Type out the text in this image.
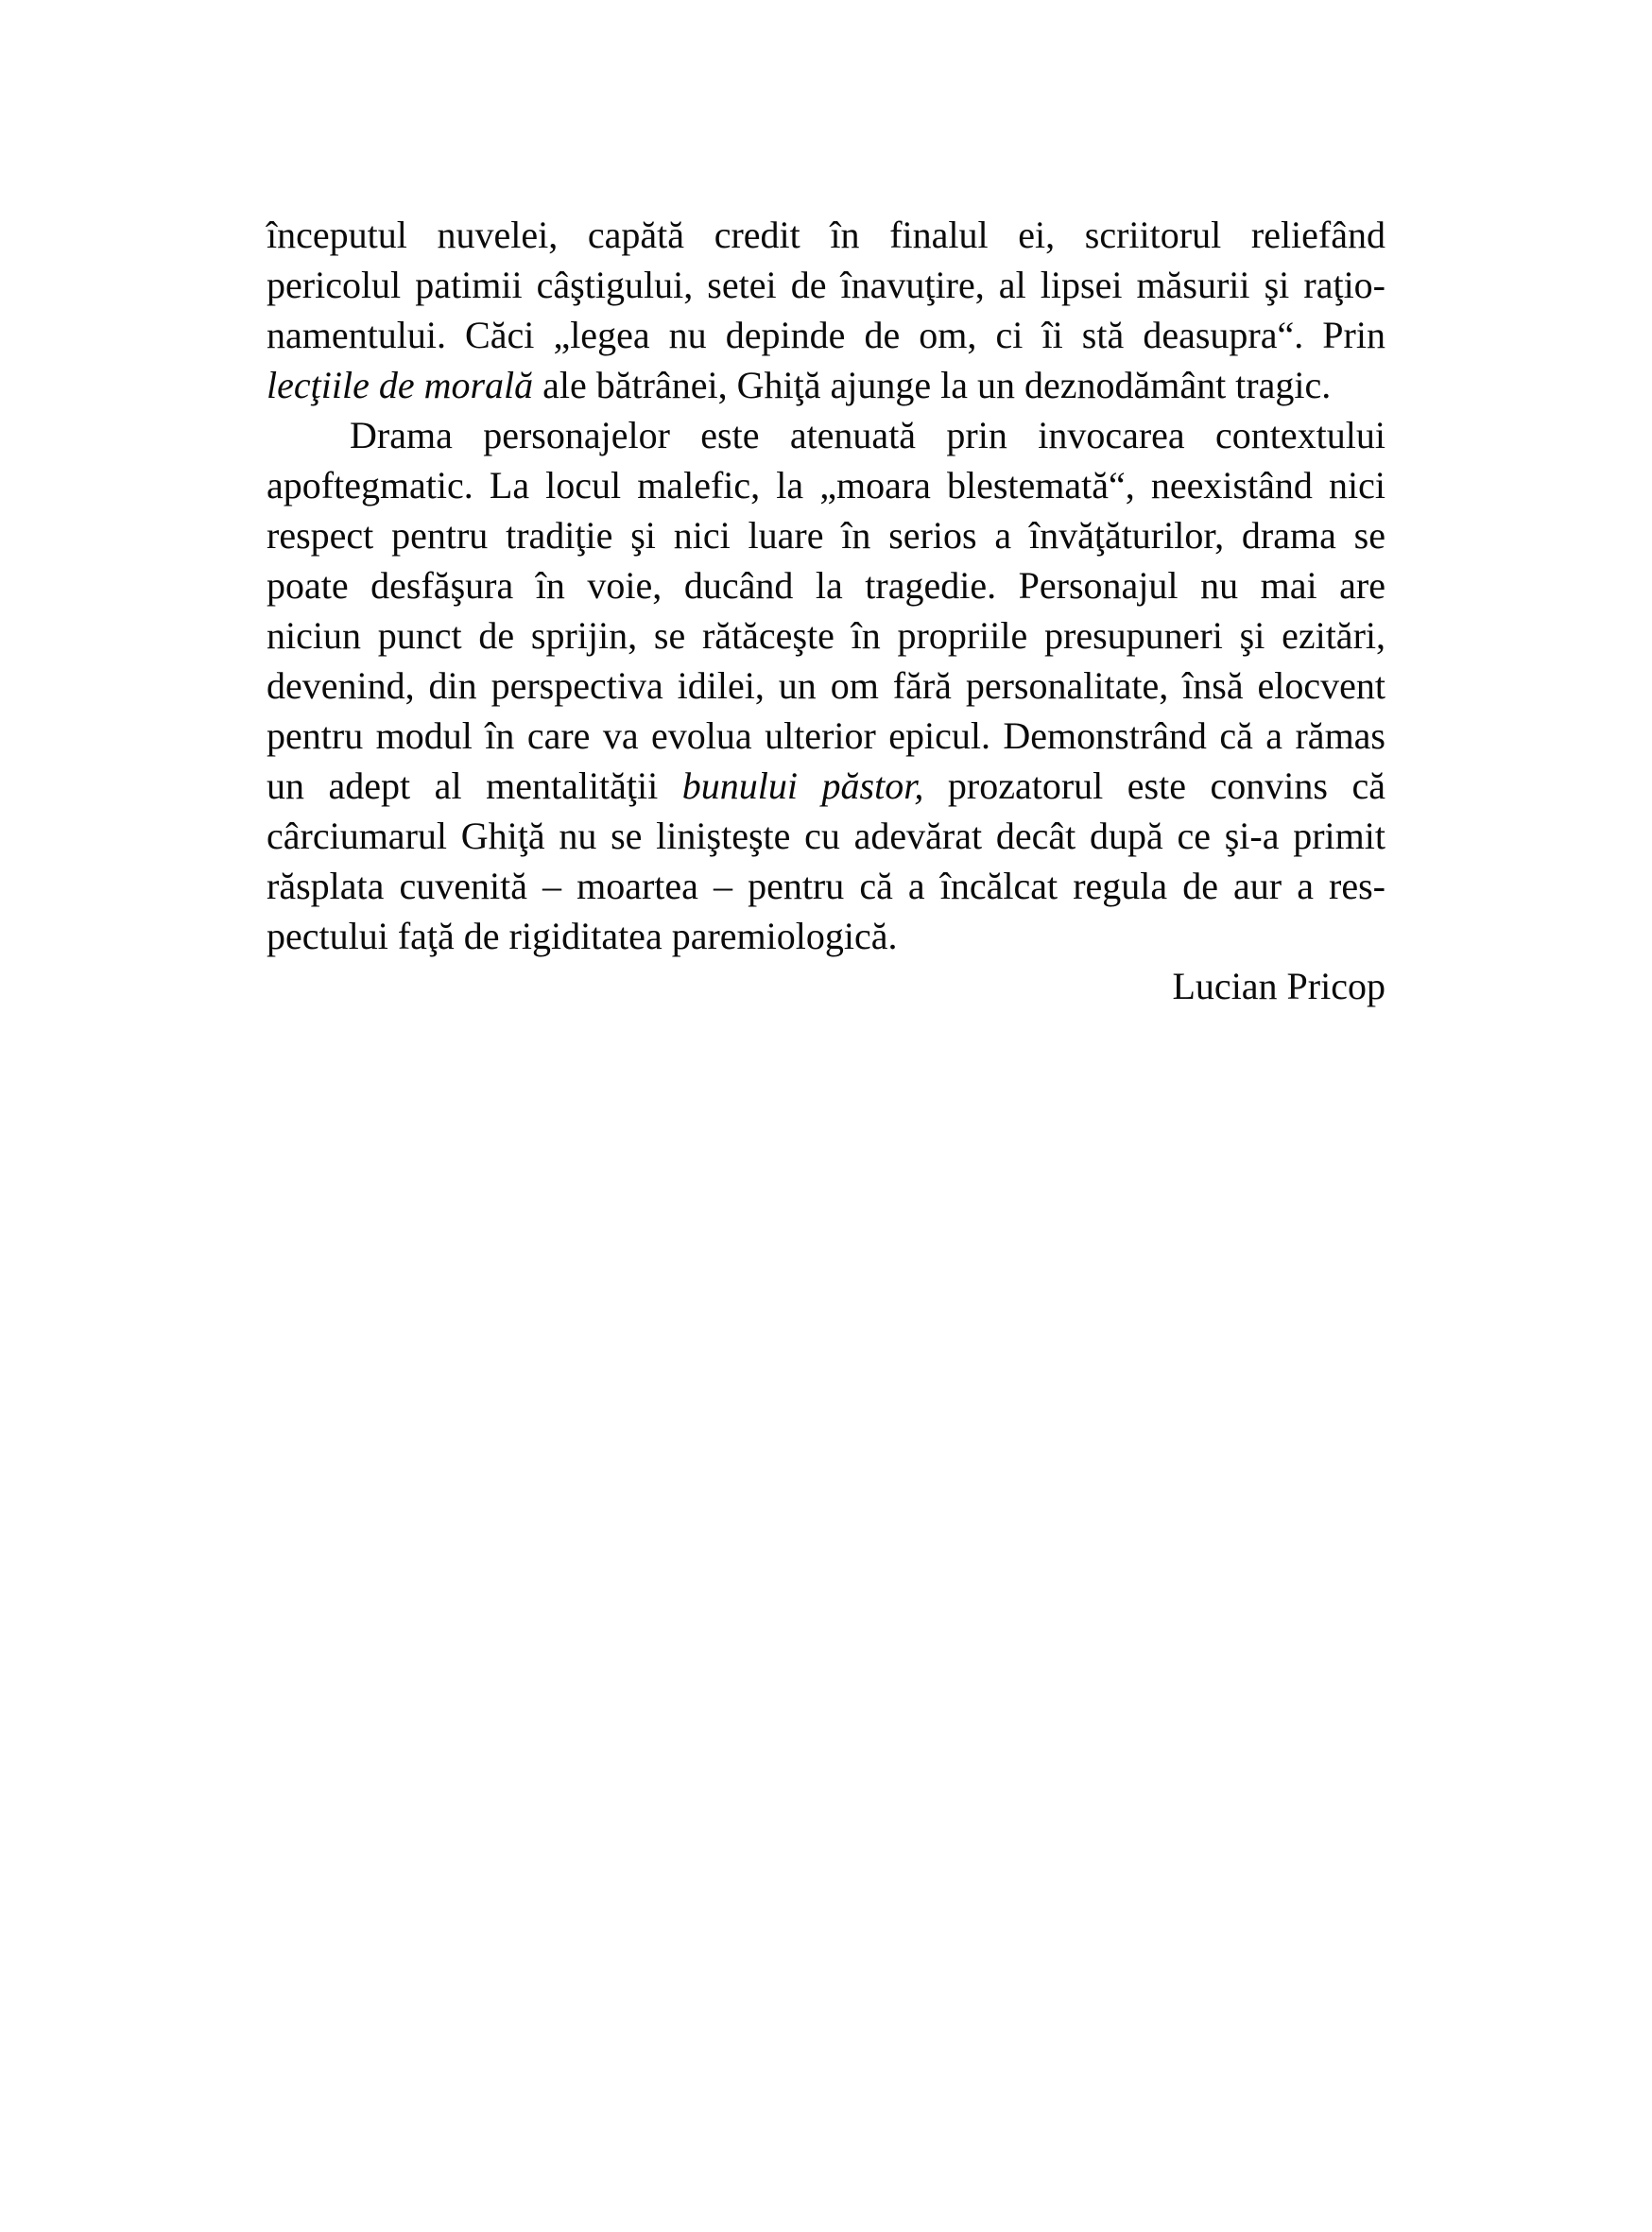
începutul nuvelei, capătă credit în finalul ei, scriitorul reliefând
pericolul patimii câştigului, setei de înavuţire, al lipsei măsurii şi raţio-
namentului. Căci „legea nu depinde de om, ci îi stă deasupra“. Prin
lecţiile de morală ale bătrânei, Ghiţă ajunge la un deznodământ tragic.
Drama personajelor este atenuată prin invocarea contextului
apoftegmatic. La locul malefic, la „moara blestemată“, neexistând nici
respect pentru tradiţie şi nici luare în serios a învăţăturilor, drama se
poate desfăşura în voie, ducând la tragedie. Personajul nu mai are
niciun punct de sprijin, se rătăceşte în propriile presupuneri şi ezitări,
devenind, din perspectiva idilei, un om fără personalitate, însă elocvent
pentru modul în care va evolua ulterior epicul. Demonstrând că a rămas
un adept al mentalităţii bunului păstor, prozatorul este convins că
cârciumarul Ghiţă nu se linişteşte cu adevărat decât după ce şi-a primit
răsplata cuvenită – moartea – pentru că a încălcat regula de aur a res-
pectului faţă de rigiditatea paremiologică.
Lucian Pricop
